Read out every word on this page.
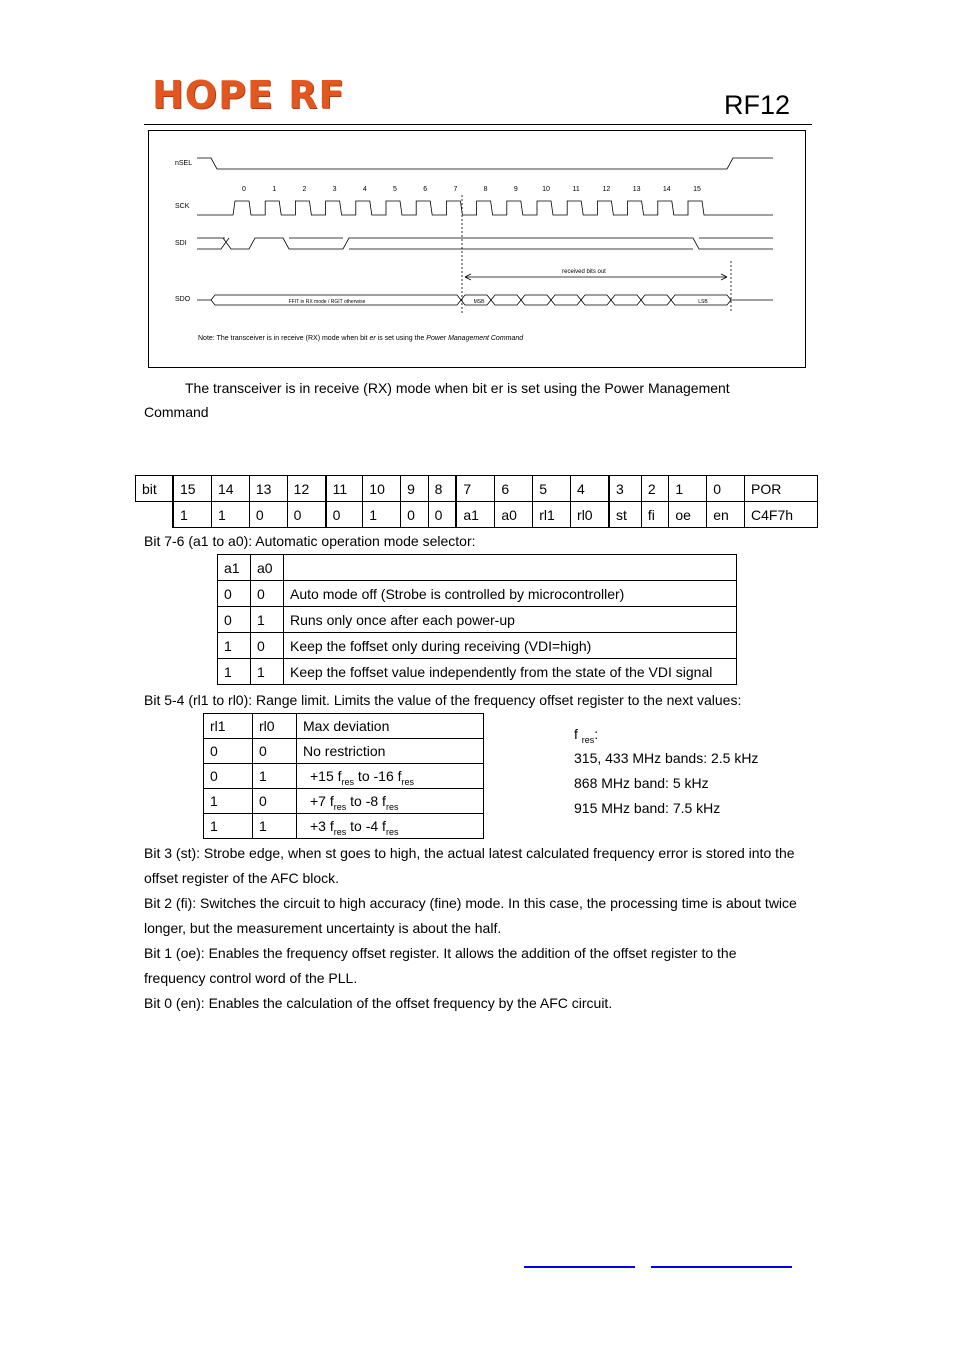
HOPE RF	RF12
nSEL
SCK
SDI
SDO
0	1	2	3	4	5	6	7	8	9	10	11	12	13	14	15
received bits out
FFIT in RX mode / RGIT otherwise	MSB	LSB
Note: The transceiver is in receive (RX) mode when bit er is set using the Power Management Command
The transceiver is in receive (RX) mode when bit er is set using the Power Management
Command
bit	15	14	13	12	11	10	9	8	7	6	5	4	3	2	1	0	POR
	1	1	0	0	0	1	0	0	a1	a0	rl1	rl0	st	fi	oe	en	C4F7h
Bit 7-6 (a1 to a0): Automatic operation mode selector:
a1	a0	
0	0	Auto mode off (Strobe is controlled by microcontroller)
0	1	Runs only once after each power-up
1	0	Keep the foffset only during receiving (VDI=high)
1	1	Keep the foffset value independently from the state of the VDI signal
Bit 5-4 (rl1 to rl0): Range limit. Limits the value of the frequency offset register to the next values:
rl1	rl0	Max deviation
0	0	No restriction
0	1	+15 $f_{res}$ to -16 $f_{res}$
1	0	+7 $f_{res}$ to -8 $f_{res}$
1	1	+3 $f_{res}$ to -4 $f_{res}$
f $_{res}$:
315, 433 MHz bands: 2.5 kHz
868 MHz band: 5 kHz
915 MHz band: 7.5 kHz
Bit 3 (st): Strobe edge, when st goes to high, the actual latest calculated frequency error is stored into the
offset register of the AFC block.
Bit 2 (fi): Switches the circuit to high accuracy (fine) mode. In this case, the processing time is about twice
longer, but the measurement uncertainty is about the half.
Bit 1 (oe): Enables the frequency offset register. It allows the addition of the offset register to the
frequency control word of the PLL.
Bit 0 (en): Enables the calculation of the offset frequency by the AFC circuit.
